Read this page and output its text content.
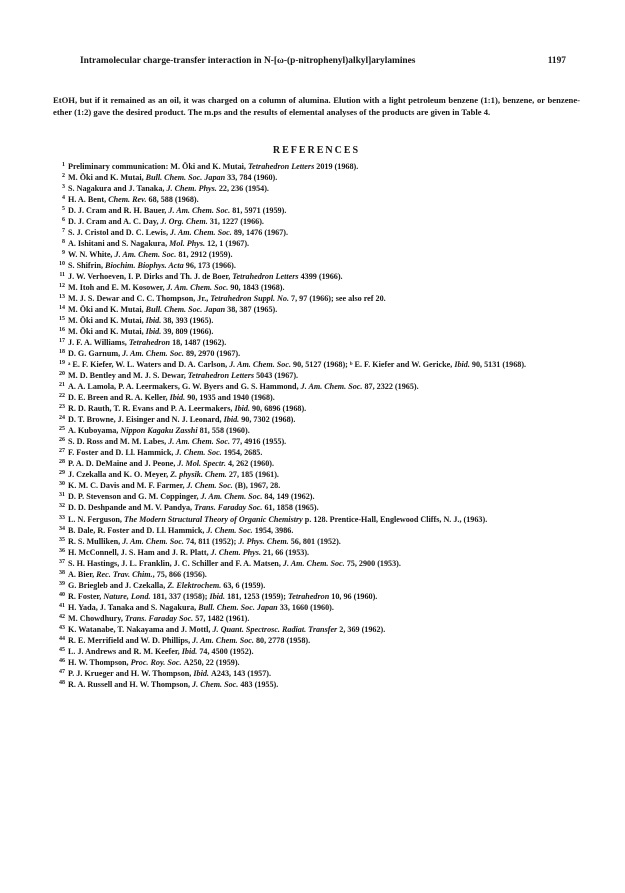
Intramolecular charge-transfer interaction in N-[ω-(p-nitrophenyl)alkyl]arylamines	1197

EtOH, but if it remained as an oil, it was charged on a column of alumina. Elution with a light petroleum benzene (1:1), benzene, or benzene-ether (1:2) gave the desired product. The m.ps and the results of elemental analyses of the products are given in Table 4.

REFERENCES
1 Preliminary communication: M. Ōki and K. Mutai, Tetrahedron Letters 2019 (1968).
2 M. Ōki and K. Mutai, Bull. Chem. Soc. Japan 33, 784 (1960).
3 S. Nagakura and J. Tanaka, J. Chem. Phys. 22, 236 (1954).
4 H. A. Bent, Chem. Rev. 68, 588 (1968).
5 D. J. Cram and R. H. Bauer, J. Am. Chem. Soc. 81, 5971 (1959).
6 D. J. Cram and A. C. Day, J. Org. Chem. 31, 1227 (1966).
7 S. J. Cristol and D. C. Lewis, J. Am. Chem. Soc. 89, 1476 (1967).
8 A. Ishitani and S. Nagakura, Mol. Phys. 12, 1 (1967).
9 W. N. White, J. Am. Chem. Soc. 81, 2912 (1959).
10 S. Shifrin, Biochim. Biophys. Acta 96, 173 (1966).
11 J. W. Verhoeven, I. P. Dirks and Th. J. de Boer, Tetrahedron Letters 4399 (1966).
12 M. Itoh and E. M. Kosower, J. Am. Chem. Soc. 90, 1843 (1968).
13 M. J. S. Dewar and C. C. Thompson, Jr., Tetrahedron Suppl. No. 7, 97 (1966); see also ref 20.
14 M. Ōki and K. Mutai, Bull. Chem. Soc. Japan 38, 387 (1965).
15 M. Ōki and K. Mutai, Ibid. 38, 393 (1965).
16 M. Ōki and K. Mutai, Ibid. 39, 809 (1966).
17 J. F. A. Williams, Tetrahedron 18, 1487 (1962).
18 D. G. Garnum, J. Am. Chem. Soc. 89, 2970 (1967).
19 ᵃ E. F. Kiefer, W. L. Waters and D. A. Carlson, J. Am. Chem. Soc. 90, 5127 (1968); ᵇ E. F. Kiefer and W. Gericke, Ibid. 90, 5131 (1968).
20 M. D. Bentley and M. J. S. Dewar, Tetrahedron Letters 5043 (1967).
21 A. A. Lamola, P. A. Leermakers, G. W. Byers and G. S. Hammond, J. Am. Chem. Soc. 87, 2322 (1965).
22 D. E. Breen and R. A. Keller, Ibid. 90, 1935 and 1940 (1968).
23 R. D. Rauth, T. R. Evans and P. A. Leermakers, Ibid. 90, 6896 (1968).
24 D. T. Browne, J. Eisinger and N. J. Leonard, Ibid. 90, 7302 (1968).
25 A. Kuboyama, Nippon Kagaku Zasshi 81, 558 (1960).
26 S. D. Ross and M. M. Labes, J. Am. Chem. Soc. 77, 4916 (1955).
27 F. Foster and D. Ll. Hammick, J. Chem. Soc. 1954, 2685.
28 P. A. D. DeMaine and J. Peone, J. Mol. Spectr. 4, 262 (1960).
29 J. Czekalla and K. O. Meyer, Z. physik. Chem. 27, 185 (1961).
30 K. M. C. Davis and M. F. Farmer, J. Chem. Soc. (B), 1967, 28.
31 D. P. Stevenson and G. M. Coppinger, J. Am. Chem. Soc. 84, 149 (1962).
32 D. D. Deshpande and M. V. Pandya, Trans. Faraday Soc. 61, 1858 (1965).
33 L. N. Ferguson, The Modern Structural Theory of Organic Chemistry p. 128. Prentice-Hall, Englewood Cliffs, N. J., (1963).
34 B. Dale, R. Foster and D. Ll. Hammick, J. Chem. Soc. 1954, 3986.
35 R. S. Mulliken, J. Am. Chem. Soc. 74, 811 (1952); J. Phys. Chem. 56, 801 (1952).
36 H. McConnell, J. S. Ham and J. R. Platt, J. Chem. Phys. 21, 66 (1953).
37 S. H. Hastings, J. L. Franklin, J. C. Schiller and F. A. Matsen, J. Am. Chem. Soc. 75, 2900 (1953).
38 A. Bier, Rec. Trav. Chim., 75, 866 (1956).
39 G. Briegleb and J. Czekalla, Z. Elektrochem. 63, 6 (1959).
40 R. Foster, Nature, Lond. 181, 337 (1958); Ibid. 181, 1253 (1959); Tetrahedron 10, 96 (1960).
41 H. Yada, J. Tanaka and S. Nagakura, Bull. Chem. Soc. Japan 33, 1660 (1960).
42 M. Chowdhury, Trans. Faraday Soc. 57, 1482 (1961).
43 K. Watanabe, T. Nakayama and J. Mottl, J. Quant. Spectrosc. Radiat. Transfer 2, 369 (1962).
44 R. E. Merrifield and W. D. Phillips, J. Am. Chem. Soc. 80, 2778 (1958).
45 L. J. Andrews and R. M. Keefer, Ibid. 74, 4500 (1952).
46 H. W. Thompson, Proc. Roy. Soc. A250, 22 (1959).
47 P. J. Krueger and H. W. Thompson, Ibid. A243, 143 (1957).
48 R. A. Russell and H. W. Thompson, J. Chem. Soc. 483 (1955).
